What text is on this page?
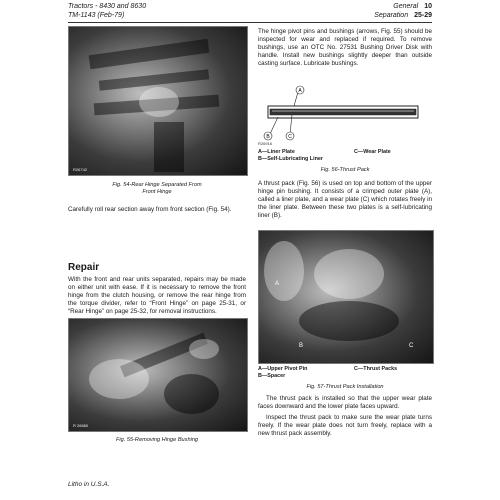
Tractors - 8430 and 8630
TM-1143 (Feb-79)
General 10
Separation 25-29
R26742
Fig. 54-Rear Hinge Separated From
Front Hinge

Carefully roll rear section away from front section (Fig. 54).

Repair

With the front and rear units separated, repairs may be made on either unit with ease. If it is necessary to remove the front hinge from the clutch housing, or remove the rear hinge from the torque divider, refer to “Front Hinge” on page 25-31, or “Rear Hinge” on page 25-32, for removal instructions.

R 26680
Fig. 55-Removing Hinge Bushing

The hinge pivot pins and bushings (arrows, Fig. 55) should be inspected for wear and replaced if required. To remove bushings, use an OTC No. 27531 Bushing Driver Disk with handle. Install new bushings slightly deeper than outside casting surface. Lubricate bushings.

A
B	C
R26916
A—Liner Plate	C—Wear Plate
B—Self-Lubricating Liner
Fig. 56-Thrust Pack

A thrust pack (Fig. 56) is used on top and bottom of the upper hinge pin bushing. It consists of a crimped outer plate (A), called a liner plate, and a wear plate (C) which rotates freely in the liner plate. Between these two plates is a self-lubricating liner (B).

A
B	C
A—Upper Pivot Pin	C—Thrust Packs
B—Spacer
Fig. 57-Thrust Pack Installation

The thrust pack is installed so that the upper wear plate faces downward and the lower plate faces upward.

Inspect the thrust pack to make sure the wear plate turns freely. If the wear plate does not turn freely, replace with a new thrust pack assembly.

Litho in U.S.A.
